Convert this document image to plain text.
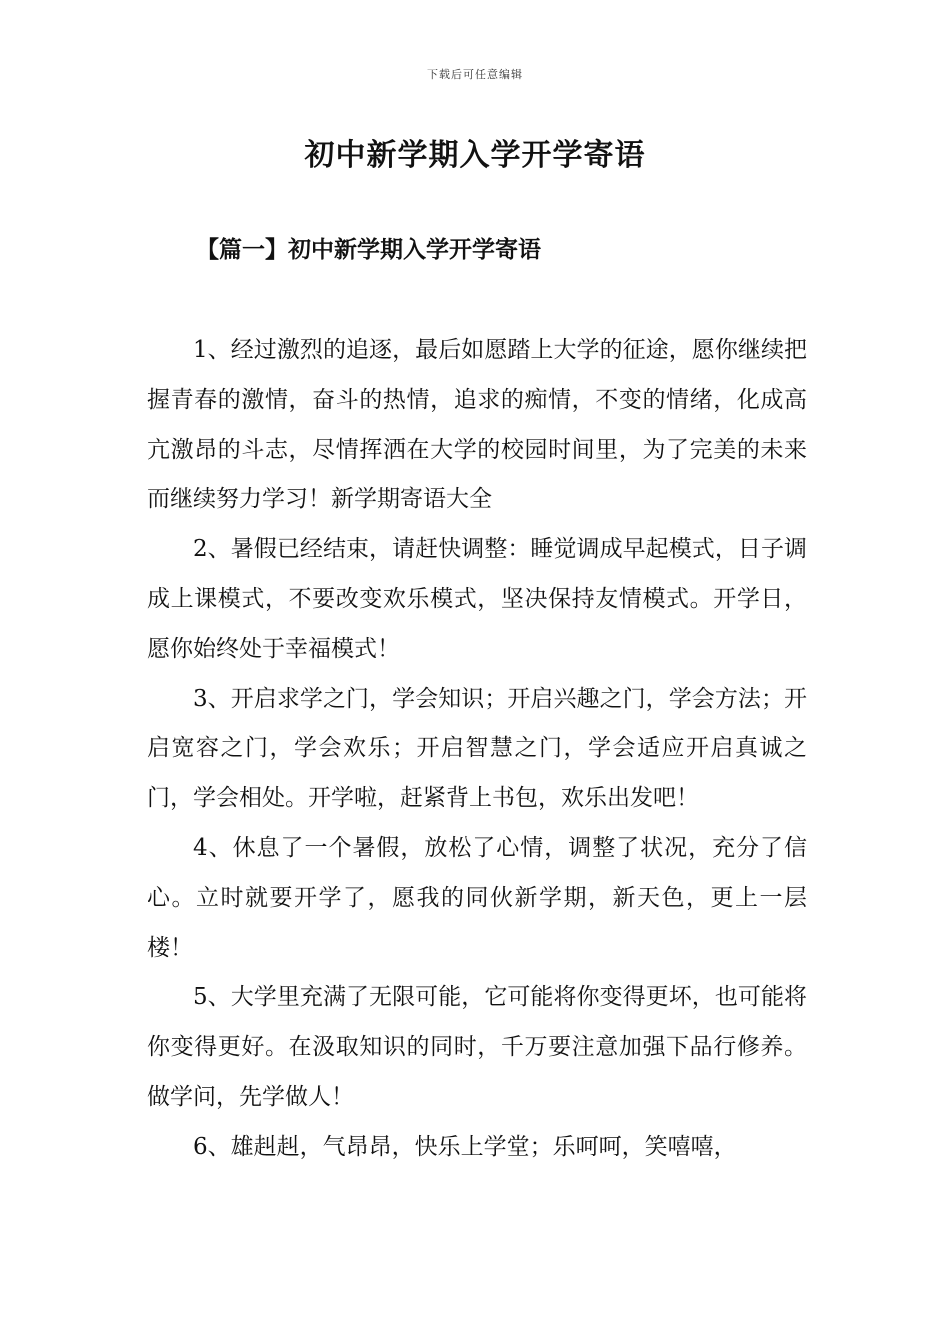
下载后可任意编辑
初中新学期入学开学寄语
【篇一】初中新学期入学开学寄语

1、经过激烈的追逐，最后如愿踏上大学的征途，愿你继续把握青春的激情，奋斗的热情，追求的痴情，不变的情绪，化成高亢激昂的斗志，尽情挥洒在大学的校园时间里，为了完美的未来而继续努力学习！新学期寄语大全

2、暑假已经结束，请赶快调整：睡觉调成早起模式，日子调成上课模式，不要改变欢乐模式，坚决保持友情模式。开学日，愿你始终处于幸福模式！

3、开启求学之门，学会知识；开启兴趣之门，学会方法；开启宽容之门，学会欢乐；开启智慧之门，学会适应开启真诚之门，学会相处。开学啦，赶紧背上书包，欢乐出发吧！

4、休息了一个暑假，放松了心情，调整了状况，充分了信心。立时就要开学了，愿我的同伙新学期，新天色，更上一层楼！

5、大学里充满了无限可能，它可能将你变得更坏，也可能将你变得更好。在汲取知识的同时，千万要注意加强下品行修养。做学问，先学做人！

6、雄赳赳，气昂昂，快乐上学堂；乐呵呵，笑嘻嘻，
